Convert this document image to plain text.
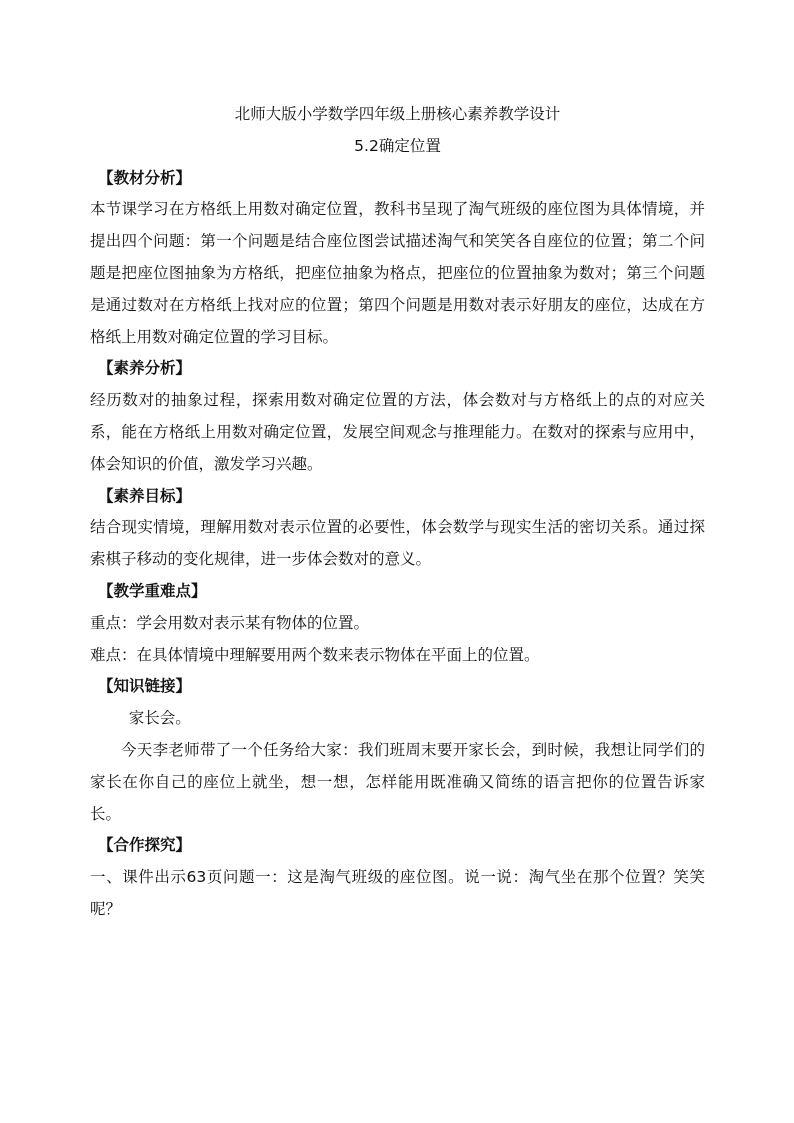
北师大版小学数学四年级上册核心素养教学设计

5.2确定位置

【教材分析】

本节课学习在方格纸上用数对确定位置，教科书呈现了淘气班级的座位图为具体情境，并提出四个问题：第一个问题是结合座位图尝试描述淘气和笑笑各自座位的位置；第二个问题是把座位图抽象为方格纸，把座位抽象为格点，把座位的位置抽象为数对；第三个问题是通过数对在方格纸上找对应的位置；第四个问题是用数对表示好朋友的座位，达成在方格纸上用数对确定位置的学习目标。

【素养分析】

经历数对的抽象过程，探索用数对确定位置的方法，体会数对与方格纸上的点的对应关系，能在方格纸上用数对确定位置，发展空间观念与推理能力。在数对的探索与应用中，体会知识的价值，激发学习兴趣。

【素养目标】

结合现实情境，理解用数对表示位置的必要性，体会数学与现实生活的密切关系。通过探索棋子移动的变化规律，进一步体会数对的意义。

【教学重难点】

重点：学会用数对表示某有物体的位置。

难点：在具体情境中理解要用两个数来表示物体在平面上的位置。

【知识链接】

家长会。

今天李老师带了一个任务给大家：我们班周末要开家长会，到时候，我想让同学们的家长在你自己的座位上就坐，想一想，怎样能用既准确又简练的语言把你的位置告诉家长。

【合作探究】

一、课件出示63页问题一：这是淘气班级的座位图。说一说：淘气坐在那个位置？笑笑呢？
